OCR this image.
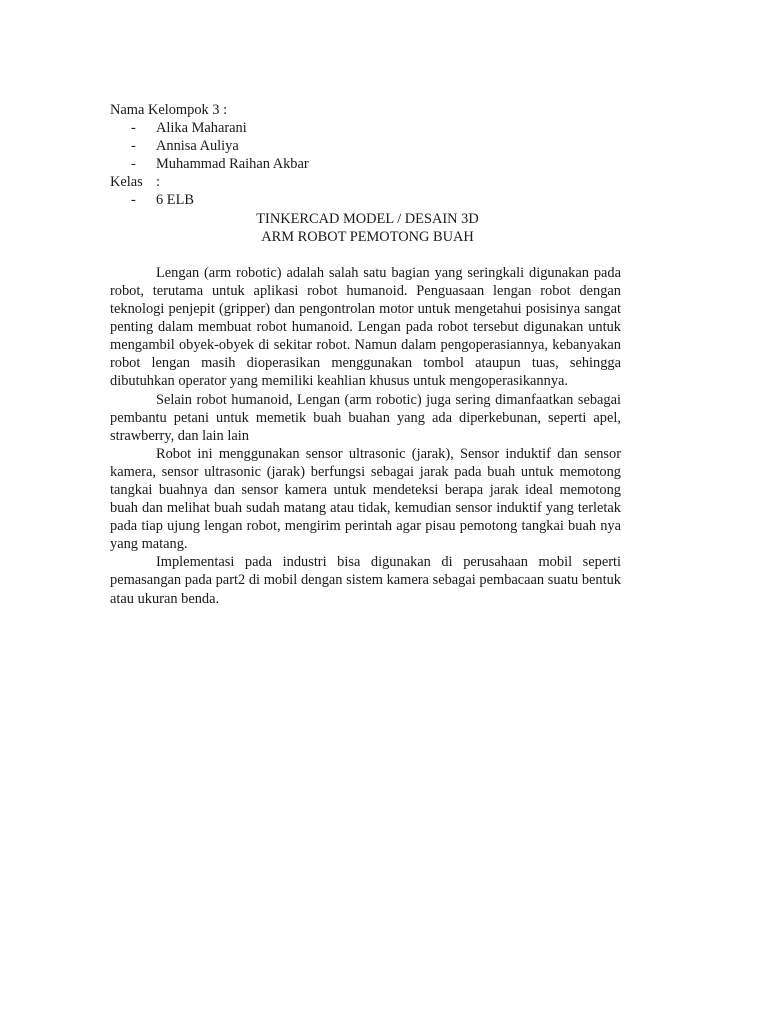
Nama Kelompok 3 :
- Alika Maharani
- Annisa Auliya
- Muhammad Raihan Akbar
Kelas :
- 6 ELB
TINKERCAD MODEL / DESAIN 3D
ARM ROBOT PEMOTONG BUAH

Lengan (arm robotic) adalah salah satu bagian yang seringkali digunakan pada robot, terutama untuk aplikasi robot humanoid. Penguasaan lengan robot dengan teknologi penjepit (gripper) dan pengontrolan motor untuk mengetahui posisinya sangat penting dalam membuat robot humanoid. Lengan pada robot tersebut digunakan untuk mengambil obyek-obyek di sekitar robot. Namun dalam pengoperasiannya, kebanyakan robot lengan masih dioperasikan menggunakan tombol ataupun tuas, sehingga dibutuhkan operator yang memiliki keahlian khusus untuk mengoperasikannya.

Selain robot humanoid, Lengan (arm robotic) juga sering dimanfaatkan sebagai pembantu petani untuk memetik buah buahan yang ada diperkebunan, seperti apel, strawberry, dan lain lain

Robot ini menggunakan sensor ultrasonic (jarak), Sensor induktif dan sensor kamera, sensor ultrasonic (jarak) berfungsi sebagai jarak pada buah untuk memotong tangkai buahnya dan sensor kamera untuk mendeteksi berapa jarak ideal memotong buah dan melihat buah sudah matang atau tidak, kemudian sensor induktif yang terletak pada tiap ujung lengan robot, mengirim perintah agar pisau pemotong tangkai buah nya yang matang.

Implementasi pada industri bisa digunakan di perusahaan mobil seperti pemasangan pada part2 di mobil dengan sistem kamera sebagai pembacaan suatu bentuk atau ukuran benda.
